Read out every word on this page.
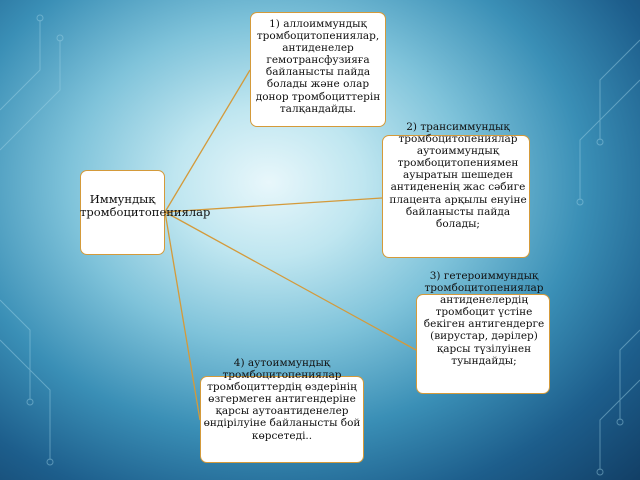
Иммундық тромбоцитопениялар
1) аллоиммундық тромбоцитопениялар, антиденелер гемотрансфузияға байланысты пайда болады және олар донор тромбоциттерін талқандайды.
2) трансиммундық тромбоцитопениялар аутоиммундық тромбоцитопениямен ауыратын шешеден антидененің жас сәбиге плацента арқылы енуіне байланысты пайда болады;
3) гетероиммундық тромбоцитопениялар антиденелердің тромбоцит үстіне бекіген антигендерге (вирустар, дәрілер) қарсы түзілуінен туындайды;
4) аутоиммундық тромбоцитопениялар тромбоциттердің өздерінің өзгермеген антигендеріне қарсы аутоантиденелер өндірілуіне байланысты бой көрсетеді..
